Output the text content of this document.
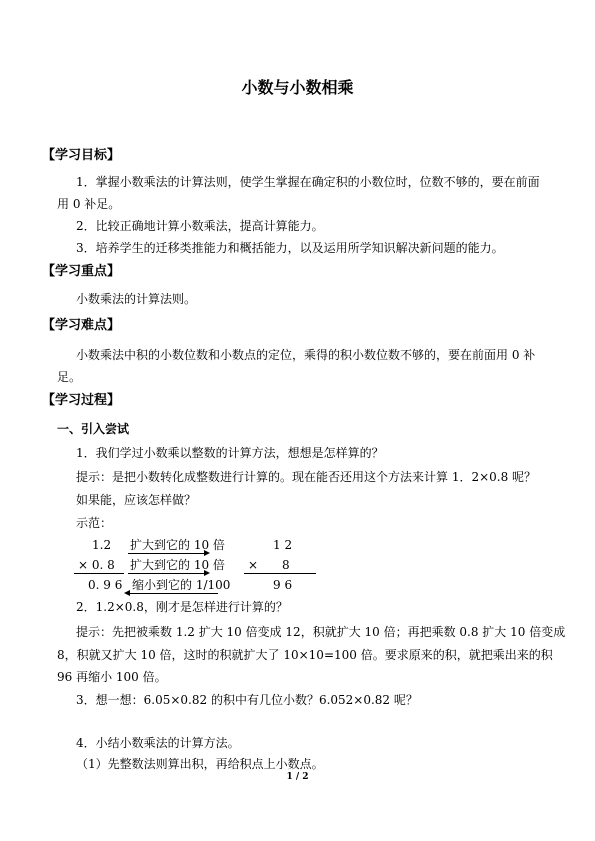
小数与小数相乘
【学习目标】
1．掌握小数乘法的计算法则，使学生掌握在确定积的小数位时，位数不够的，要在前面
用 0 补足。
2．比较正确地计算小数乘法，提高计算能力。
3．培养学生的迁移类推能力和概括能力，以及运用所学知识解决新问题的能力。
【学习重点】
小数乘法的计算法则。
【学习难点】
小数乘法中积的小数位数和小数点的定位，乘得的积小数位数不够的，要在前面用 0 补
足。
【学习过程】
一、引入尝试
1．我们学过小数乘以整数的计算方法，想想是怎样算的？
提示：是把小数转化成整数进行计算的。现在能否还用这个方法来计算 1．2×0.8 呢？
如果能，应该怎样做？
示范：
1.2 扩大到它的 10 倍
× 0. 8 扩大到它的 10 倍
0. 9 6 缩小到它的 1/100
1 2
× 8
9 6
2．1.2×0.8，刚才是怎样进行计算的？
提示：先把被乘数 1.2 扩大 10 倍变成 12，积就扩大 10 倍；再把乘数 0.8 扩大 10 倍变成
8，积就又扩大 10 倍，这时的积就扩大了 10×10=100 倍。要求原来的积，就把乘出来的积
96 再缩小 100 倍。
3．想一想：6.05×0.82 的积中有几位小数？6.052×0.82 呢？
4．小结小数乘法的计算方法。
（1）先整数法则算出积，再给积点上小数点。
1 / 2
